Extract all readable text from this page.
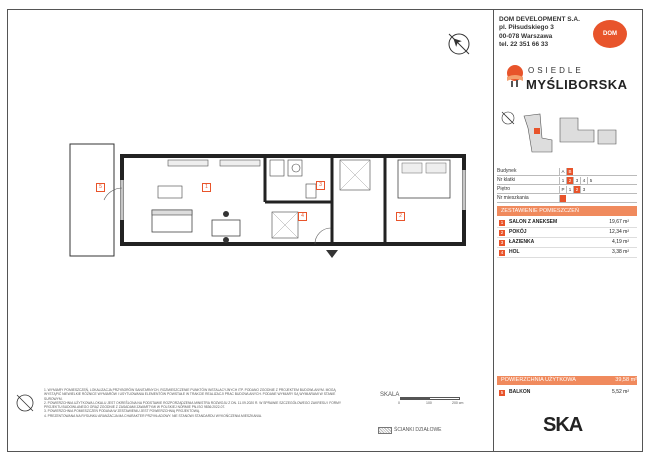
5	1	3
4	2
DOM DEVELOPMENT S.A.
pl. Piłsudskiego 3
00-078 Warszawa
tel. 22 351 66 33
DOM
OSIEDLE
MYŚLIBORSKA
Budynek	A B
Nr klatki	1 2 3 4 5
Piętro	P 1 2 3
Nr mieszkania
ZESTAWIENIE POMIESZCZEŃ
1	SALON Z ANEKSEM	19,67 m²
2	POKÓJ	12,34 m²
3	ŁAZIENKA	4,19 m²
4	HOL	3,38 m²
POWIERZCHNIA UŻYTKOWA	39,58 m²
5	BALKON	5,52 m²
1. WYMIARY POMIESZCZEŃ, LOKALIZACJA PRZYBORÓW SANITARNYCH, ROZMIESZCZENIE PUNKTÓW INSTALACYJNYCH ITP. PODANO ZGODNIE Z PROJEKTEM BUDOWLANYM. MOGĄ WYSTĄPIĆ NIEWIELKIE RÓŻNICE WYMIARÓW I USYTUOWANIA ELEMENTÓW POWSTAŁE W TRAKCIE REALIZACJI PRAC BUDOWLANYCH. PODANE WYMIARY SĄ WYMIARAMI W STANIE SUROWYM.
2. POWIERZCHNIA UŻYTKOWA LOKALU JEST OKREŚLONA NA PODSTAWIE ROZPORZĄDZENIA MINISTRA ROZWOJU Z DN. 11.09.2020 R. W SPRAWIE SZCZEGÓŁOWEGO ZAKRESU I FORMY PROJEKTU BUDOWLANEGO ORAZ ZGODNIE Z ZASADAMI ZAWARTYMI W POLSKIEJ NORMIE PN-ISO 9836:2022-07.
3. POWIERZCHNIA POMIESZCZEŃ PODANA W ZESTAWIENIU JEST POWIERZCHNIĄ PROJEKTOWĄ.
4. PREZENTOWANA NA RYSUNKU ARANŻACJA MA CHARAKTER PRZYKŁADOWY. NIE STANOWI STANDARDU WYKOŃCZENIA MIESZKANIA.
SKALA
0	100	200 cm
ŚCIANKI DZIAŁOWE	SKA
